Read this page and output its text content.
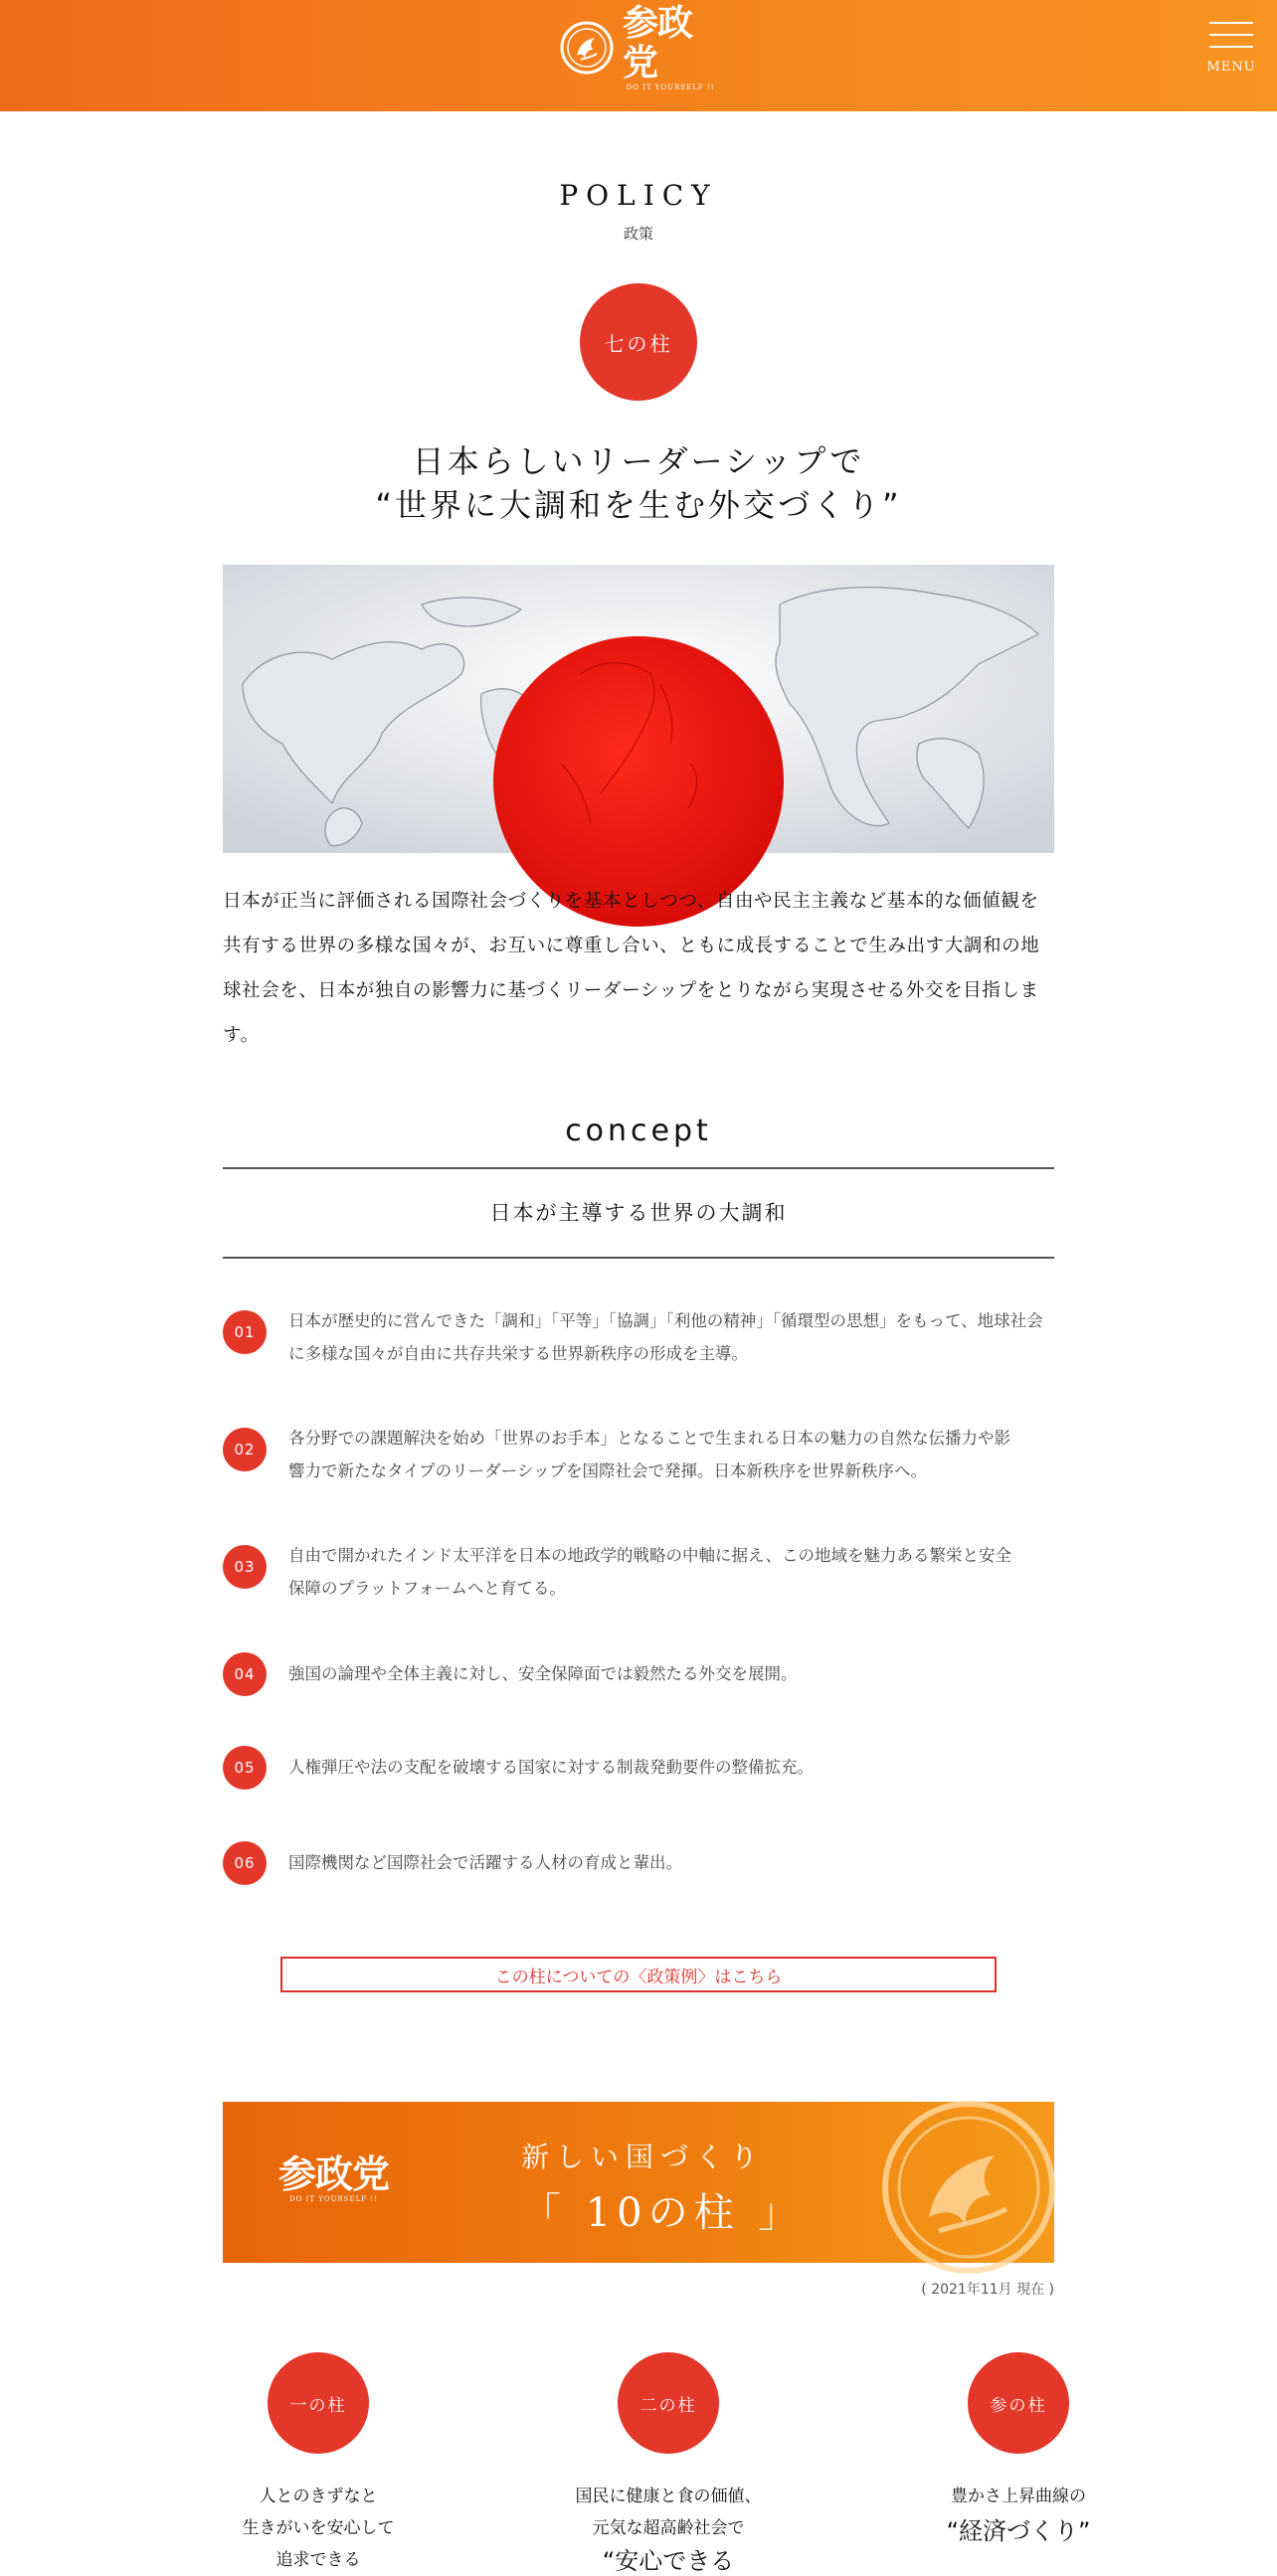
参政党
DO IT YOURSELF !!
MENU
POLICY
政策
七の柱
日本らしいリーダーシップで
“世界に大調和を生む外交づくり”
日本が正当に評価される国際社会づくりを基本としつつ、自由や民主主義など基本的な価値観を
共有する世界の多様な国々が、お互いに尊重し合い、ともに成長することで生み出す大調和の地
球社会を、日本が独自の影響力に基づくリーダーシップをとりながら実現させる外交を目指しま
す。
concept
日本が主導する世界の大調和
01
日本が歴史的に営んできた「調和」「平等」「協調」「利他の精神」「循環型の思想」をもって、地球社会
に多様な国々が自由に共存共栄する世界新秩序の形成を主導。
02
各分野での課題解決を始め「世界のお手本」となることで生まれる日本の魅力の自然な伝播力や影
響力で新たなタイプのリーダーシップを国際社会で発揮。日本新秩序を世界新秩序へ。
03
自由で開かれたインド太平洋を日本の地政学的戦略の中軸に据え、この地域を魅力ある繁栄と安全
保障のプラットフォームへと育てる。
04	強国の論理や全体主義に対し、安全保障面では毅然たる外交を展開。
05	人権弾圧や法の支配を破壊する国家に対する制裁発動要件の整備拡充。
06	国際機関など国際社会で活躍する人材の育成と輩出。
この柱についての〈政策例〉はこちら
参政党
DO IT YOURSELF !!
新しい国づくり
「 10の柱 」
( 2021年11月 現在 )
一の柱
人とのきずなと
生きがいを安心して
追求できる
二の柱
国民に健康と食の価値、
元気な超高齢社会で
“安心できる
参の柱
豊かさ上昇曲線の
“経済づくり”
